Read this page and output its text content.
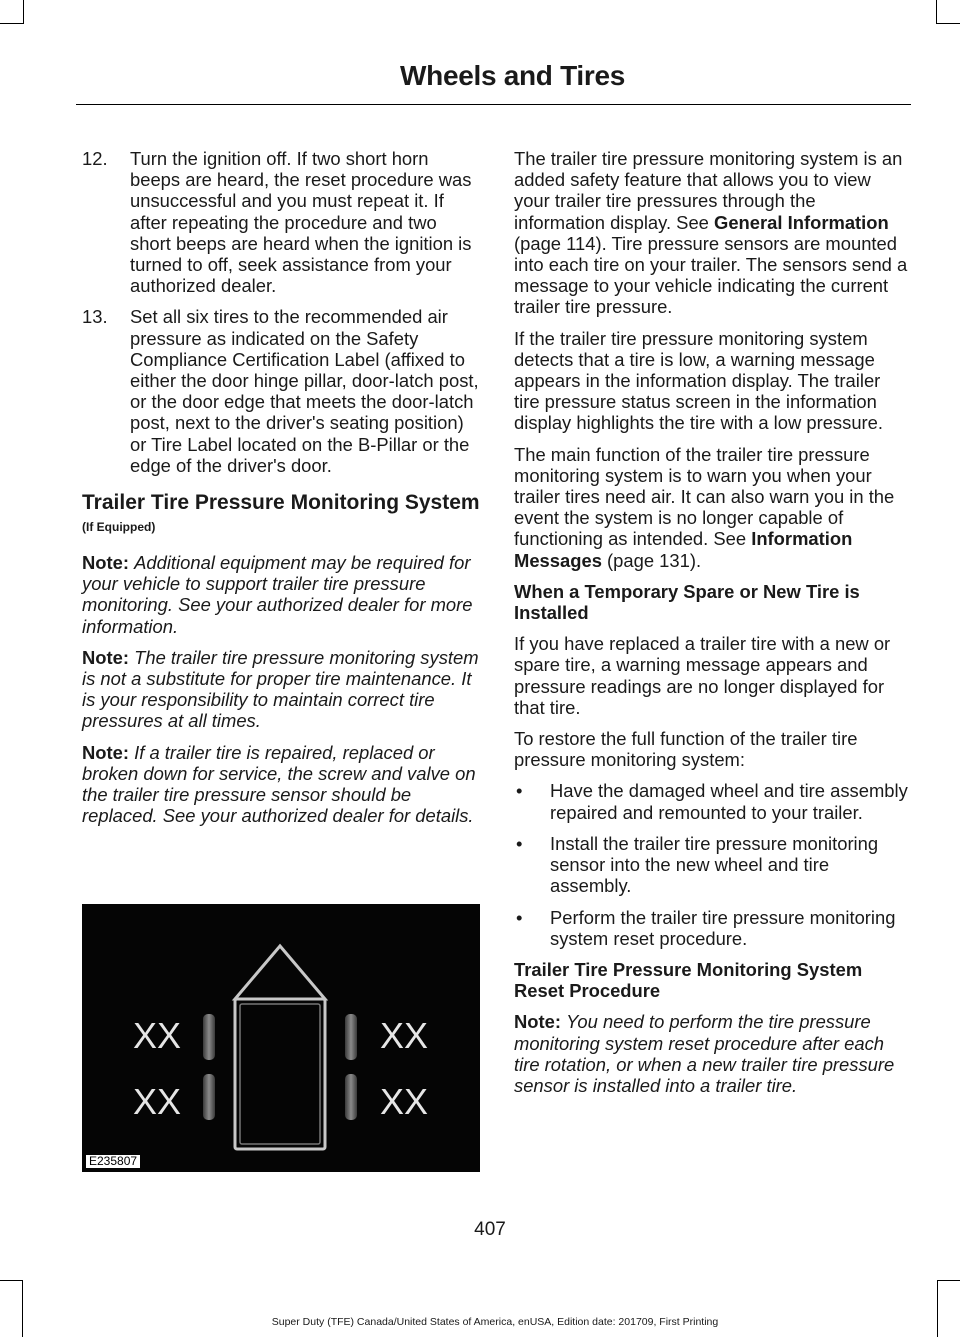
Wheels and Tires
12.	Turn the ignition off. If two short horn beeps are heard, the reset procedure was unsuccessful and you must repeat it. If after repeating the procedure and two short beeps are heard when the ignition is turned to off, seek assistance from your authorized dealer.
13.	Set all six tires to the recommended air pressure as indicated on the Safety Compliance Certification Label (affixed to either the door hinge pillar, door-latch post, or the door edge that meets the door-latch post, next to the driver's seating position) or Tire Label located on the B-Pillar or the edge of the driver's door.
Trailer Tire Pressure Monitoring System (If Equipped)

Note: Additional equipment may be required for your vehicle to support trailer tire pressure monitoring. See your authorized dealer for more information.

Note: The trailer tire pressure monitoring system is not a substitute for proper tire maintenance. It is your responsibility to maintain correct tire pressures at all times.

Note: If a trailer tire is repaired, replaced or broken down for service, the screw and valve on the trailer tire pressure sensor should be replaced. See your authorized dealer for details.

XX	XX
XX	XX
E235807

The trailer tire pressure monitoring system is an added safety feature that allows you to view your trailer tire pressures through the information display. See General Information (page 114). Tire pressure sensors are mounted into each tire on your trailer. The sensors send a message to your vehicle indicating the current trailer tire pressure.

If the trailer tire pressure monitoring system detects that a tire is low, a warning message appears in the information display. The trailer tire pressure status screen in the information display highlights the tire with a low pressure.

The main function of the trailer tire pressure monitoring system is to warn you when your trailer tires need air. It can also warn you in the event the system is no longer capable of functioning as intended. See Information Messages (page 131).

When a Temporary Spare or New Tire is Installed

If you have replaced a trailer tire with a new or spare tire, a warning message appears and pressure readings are no longer displayed for that tire.

To restore the full function of the trailer tire pressure monitoring system:

•	Have the damaged wheel and tire assembly repaired and remounted to your trailer.
•	Install the trailer tire pressure monitoring sensor into the new wheel and tire assembly.
•	Perform the trailer tire pressure monitoring system reset procedure.
Trailer Tire Pressure Monitoring System Reset Procedure

Note: You need to perform the tire pressure monitoring system reset procedure after each tire rotation, or when a new trailer tire pressure sensor is installed into a trailer tire.

407
Super Duty (TFE) Canada/United States of America, enUSA, Edition date: 201709, First Printing
